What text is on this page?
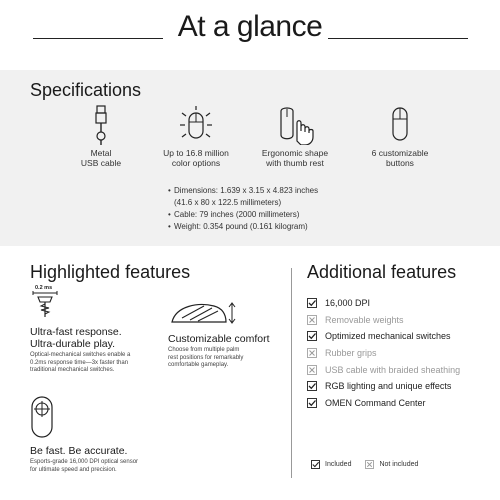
At a glance
Specifications
Metal
USB cable
Up to 16.8 million
color options
Ergonomic shape
with thumb rest
6 customizable
buttons
• Dimensions: 1.639 x 3.15 x 4.823 inches
(41.6 x 80 x 122.5 millimeters)
• Cable: 79 inches (2000 millimeters)
• Weight: 0.354 pound (0.161 kilogram)
Highlighted features
0.2 ms
Ultra-fast response.
Ultra-durable play.
Optical-mechanical switches enable a
0.2ms response time—3x faster than
traditional mechanical switches.
Customizable comfort
Choose from multiple palm
rest positions for remarkably
comfortable gameplay.
Be fast. Be accurate.
Esports-grade 16,000 DPI optical sensor
for ultimate speed and precision.
Additional features
16,000 DPI
Removable weights
Optimized mechanical switches
Rubber grips
USB cable with braided sheathing
RGB lighting and unique effects
OMEN Command Center
Included	Not included
